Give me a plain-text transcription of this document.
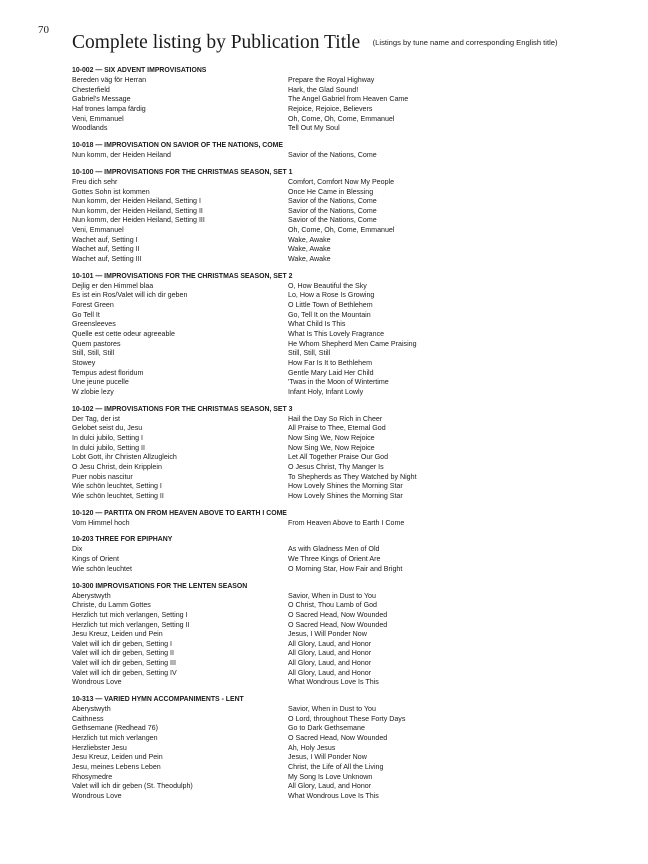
70
Complete listing by Publication Title (Listings by tune name and corresponding English title)
10-002 — SIX ADVENT IMPROVISATIONS
Bereden väg för Herran	Prepare the Royal Highway
Chesterfield	Hark, the Glad Sound!
Gabriel's Message	The Angel Gabriel from Heaven Came
Haf trones lampa färdig	Rejoice, Rejoice, Believers
Veni, Emmanuel	Oh, Come, Oh, Come, Emmanuel
Woodlands	Tell Out My Soul
10-018 — IMPROVISATION ON SAVIOR OF THE NATIONS, COME
Nun komm, der Heiden Heiland	Savior of the Nations, Come
10-100 — IMPROVISATIONS FOR THE CHRISTMAS SEASON, SET 1
Freu dich sehr	Comfort, Comfort Now My People
Gottes Sohn ist kommen	Once He Came in Blessing
Nun komm, der Heiden Heiland, Setting I	Savior of the Nations, Come
Nun komm, der Heiden Heiland, Setting II	Savior of the Nations, Come
Nun komm, der Heiden Heiland, Setting III	Savior of the Nations, Come
Veni, Emmanuel	Oh, Come, Oh, Come, Emmanuel
Wachet auf, Setting I	Wake, Awake
Wachet auf, Setting II	Wake, Awake
Wachet auf, Setting III	Wake, Awake
10-101 — IMPROVISATIONS FOR THE CHRISTMAS SEASON, SET 2
Dejlig er den Himmel blaa	O, How Beautiful the Sky
Es ist ein Ros/Valet will ich dir geben	Lo, How a Rose Is Growing
Forest Green	O Little Town of Bethlehem
Go Tell It	Go, Tell It on the Mountain
Greensleeves	What Child Is This
Quelle est cette odeur agreeable	What Is This Lovely Fragrance
Quem pastores	He Whom Shepherd Men Came Praising
Still, Still, Still	Still, Still, Still
Stowey	How Far Is It to Bethlehem
Tempus adest floridum	Gentle Mary Laid Her Child
Une jeune pucelle	'Twas in the Moon of Wintertime
W zlobie lezy	Infant Holy, Infant Lowly
10-102 — IMPROVISATIONS FOR THE CHRISTMAS SEASON, SET 3
Der Tag, der ist	Hail the Day So Rich in Cheer
Gelobet seist du, Jesu	All Praise to Thee, Eternal God
In dulci jubilo, Setting I	Now Sing We, Now Rejoice
In dulci jubilo, Setting II	Now Sing We, Now Rejoice
Lobt Gott, ihr Christen Allzugleich	Let All Together Praise Our God
O Jesu Christ, dein Kripplein	O Jesus Christ, Thy Manger Is
Puer nobis nascitur	To Shepherds as They Watched by Night
Wie schön leuchtet, Setting I	How Lovely Shines the Morning Star
Wie schön leuchtet, Setting II	How Lovely Shines the Morning Star
10-120 — PARTITA ON FROM HEAVEN ABOVE TO EARTH I COME
Vom Himmel hoch	From Heaven Above to Earth I Come
10-203 THREE FOR EPIPHANY
Dix	As with Gladness Men of Old
Kings of Orient	We Three Kings of Orient Are
Wie schön leuchtet	O Morning Star, How Fair and Bright
10-300 IMPROVISATIONS FOR THE LENTEN SEASON
Aberystwyth	Savior, When in Dust to You
Christe, du Lamm Gottes	O Christ, Thou Lamb of God
Herzlich tut mich verlangen, Setting I	O Sacred Head, Now Wounded
Herzlich tut mich verlangen, Setting II	O Sacred Head, Now Wounded
Jesu Kreuz, Leiden und Pein	Jesus, I Will Ponder Now
Valet will ich dir geben, Setting I	All Glory, Laud, and Honor
Valet will ich dir geben, Setting II	All Glory, Laud, and Honor
Valet will ich dir geben, Setting III	All Glory, Laud, and Honor
Valet will ich dir geben, Setting IV	All Glory, Laud, and Honor
Wondrous Love	What Wondrous Love Is This
10-313 — VARIED HYMN ACCOMPANIMENTS - LENT
Aberystwyth	Savior, When in Dust to You
Caithness	O Lord, throughout These Forty Days
Gethsemane (Redhead 76)	Go to Dark Gethsemane
Herzlich tut mich verlangen	O Sacred Head, Now Wounded
Herzliebster Jesu	Ah, Holy Jesus
Jesu Kreuz, Leiden und Pein	Jesus, I Will Ponder Now
Jesu, meines Lebens Leben	Christ, the Life of All the Living
Rhosymedre	My Song Is Love Unknown
Valet will ich dir geben (St. Theodulph)	All Glory, Laud, and Honor
Wondrous Love	What Wondrous Love Is This
